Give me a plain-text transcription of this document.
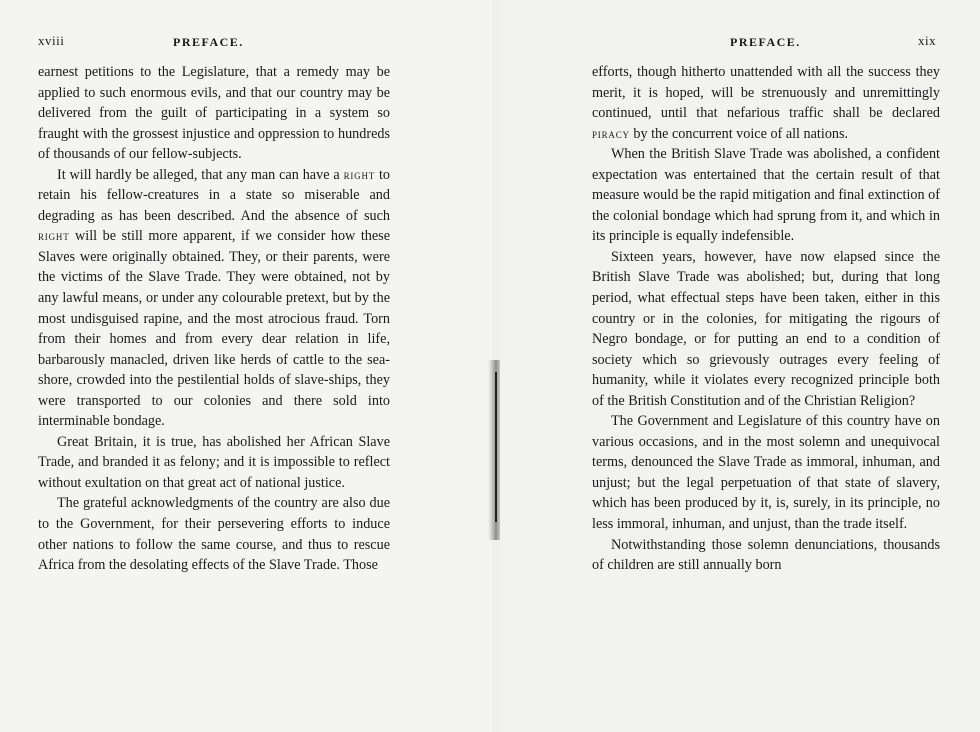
xviii	PREFACE.

earnest petitions to the Legislature, that a remedy may be applied to such enormous evils, and that our country may be delivered from the guilt of participating in a system so fraught with the grossest injustice and oppression to hundreds of thousands of our fellow-subjects.

It will hardly be alleged, that any man can have a right to retain his fellow-creatures in a state so miserable and degrading as has been described. And the absence of such right will be still more apparent, if we consider how these Slaves were originally obtained. They, or their parents, were the victims of the Slave Trade. They were obtained, not by any lawful means, or under any colourable pretext, but by the most undisguised rapine, and the most atrocious fraud. Torn from their homes and from every dear relation in life, barbarously manacled, driven like herds of cattle to the sea-shore, crowded into the pestilential holds of slave-ships, they were transported to our colonies and there sold into interminable bondage.

Great Britain, it is true, has abolished her African Slave Trade, and branded it as felony; and it is impossible to reflect without exultation on that great act of national justice.

The grateful acknowledgments of the country are also due to the Government, for their persevering efforts to induce other nations to follow the same course, and thus to rescue Africa from the desolating effects of the Slave Trade. Those

PREFACE.	xix

efforts, though hitherto unattended with all the success they merit, it is hoped, will be strenuously and unremittingly continued, until that nefarious traffic shall be declared piracy by the concurrent voice of all nations.

When the British Slave Trade was abolished, a confident expectation was entertained that the certain result of that measure would be the rapid mitigation and final extinction of the colonial bondage which had sprung from it, and which in its principle is equally indefensible.

Sixteen years, however, have now elapsed since the British Slave Trade was abolished; but, during that long period, what effectual steps have been taken, either in this country or in the colonies, for mitigating the rigours of Negro bondage, or for putting an end to a condition of society which so grievously outrages every feeling of humanity, while it violates every recognized principle both of the British Constitution and of the Christian Religion?

The Government and Legislature of this country have on various occasions, and in the most solemn and unequivocal terms, denounced the Slave Trade as immoral, inhuman, and unjust; but the legal perpetuation of that state of slavery, which has been produced by it, is, surely, in its principle, no less immoral, inhuman, and unjust, than the trade itself.

Notwithstanding those solemn denunciations, thousands of children are still annually born
